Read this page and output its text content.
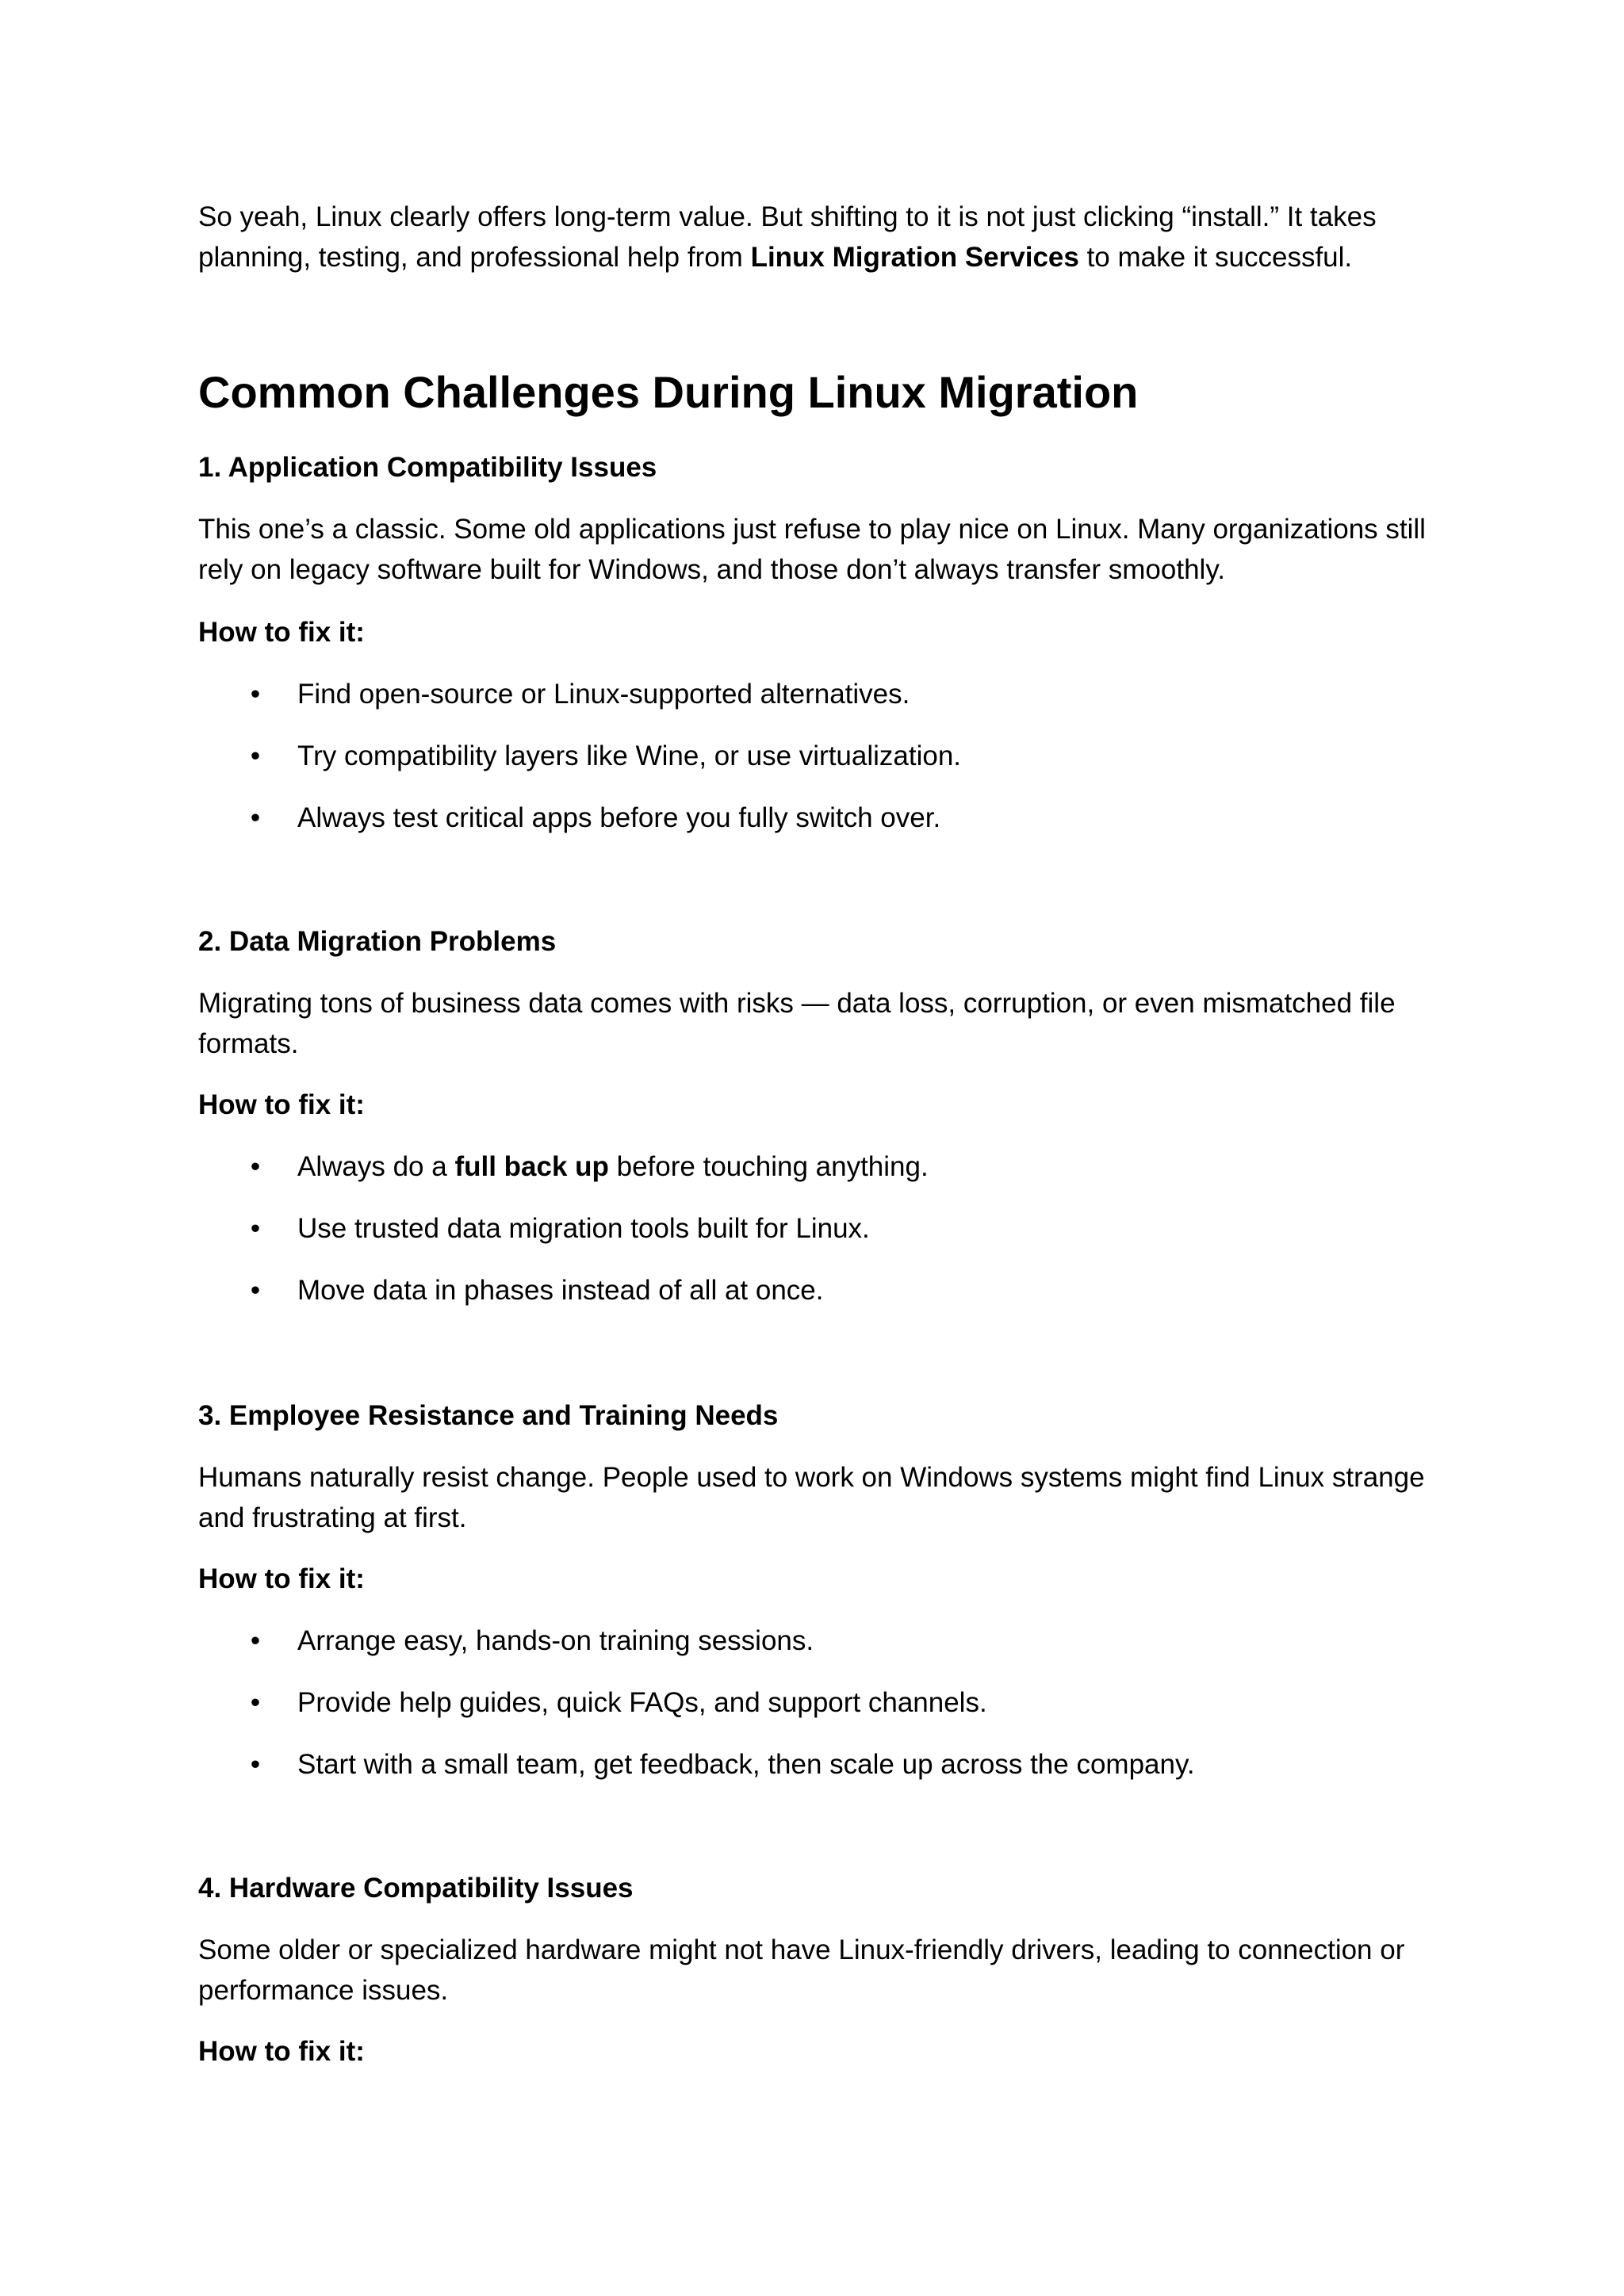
So yeah, Linux clearly offers long-term value. But shifting to it is not just clicking “install.” It takes
planning, testing, and professional help from Linux Migration Services to make it successful.

Common Challenges During Linux Migration
1. Application Compatibility Issues

This one’s a classic. Some old applications just refuse to play nice on Linux. Many organizations still
rely on legacy software built for Windows, and those don’t always transfer smoothly.

How to fix it:
• Find open-source or Linux-supported alternatives.
• Try compatibility layers like Wine, or use virtualization.
• Always test critical apps before you fully switch over.
2. Data Migration Problems

Migrating tons of business data comes with risks — data loss, corruption, or even mismatched file
formats.

How to fix it:
• Always do a full back up before touching anything.
• Use trusted data migration tools built for Linux.
• Move data in phases instead of all at once.
3. Employee Resistance and Training Needs

Humans naturally resist change. People used to work on Windows systems might find Linux strange
and frustrating at first.

How to fix it:
• Arrange easy, hands-on training sessions.
• Provide help guides, quick FAQs, and support channels.
• Start with a small team, get feedback, then scale up across the company.
4. Hardware Compatibility Issues

Some older or specialized hardware might not have Linux-friendly drivers, leading to connection or
performance issues.

How to fix it:
